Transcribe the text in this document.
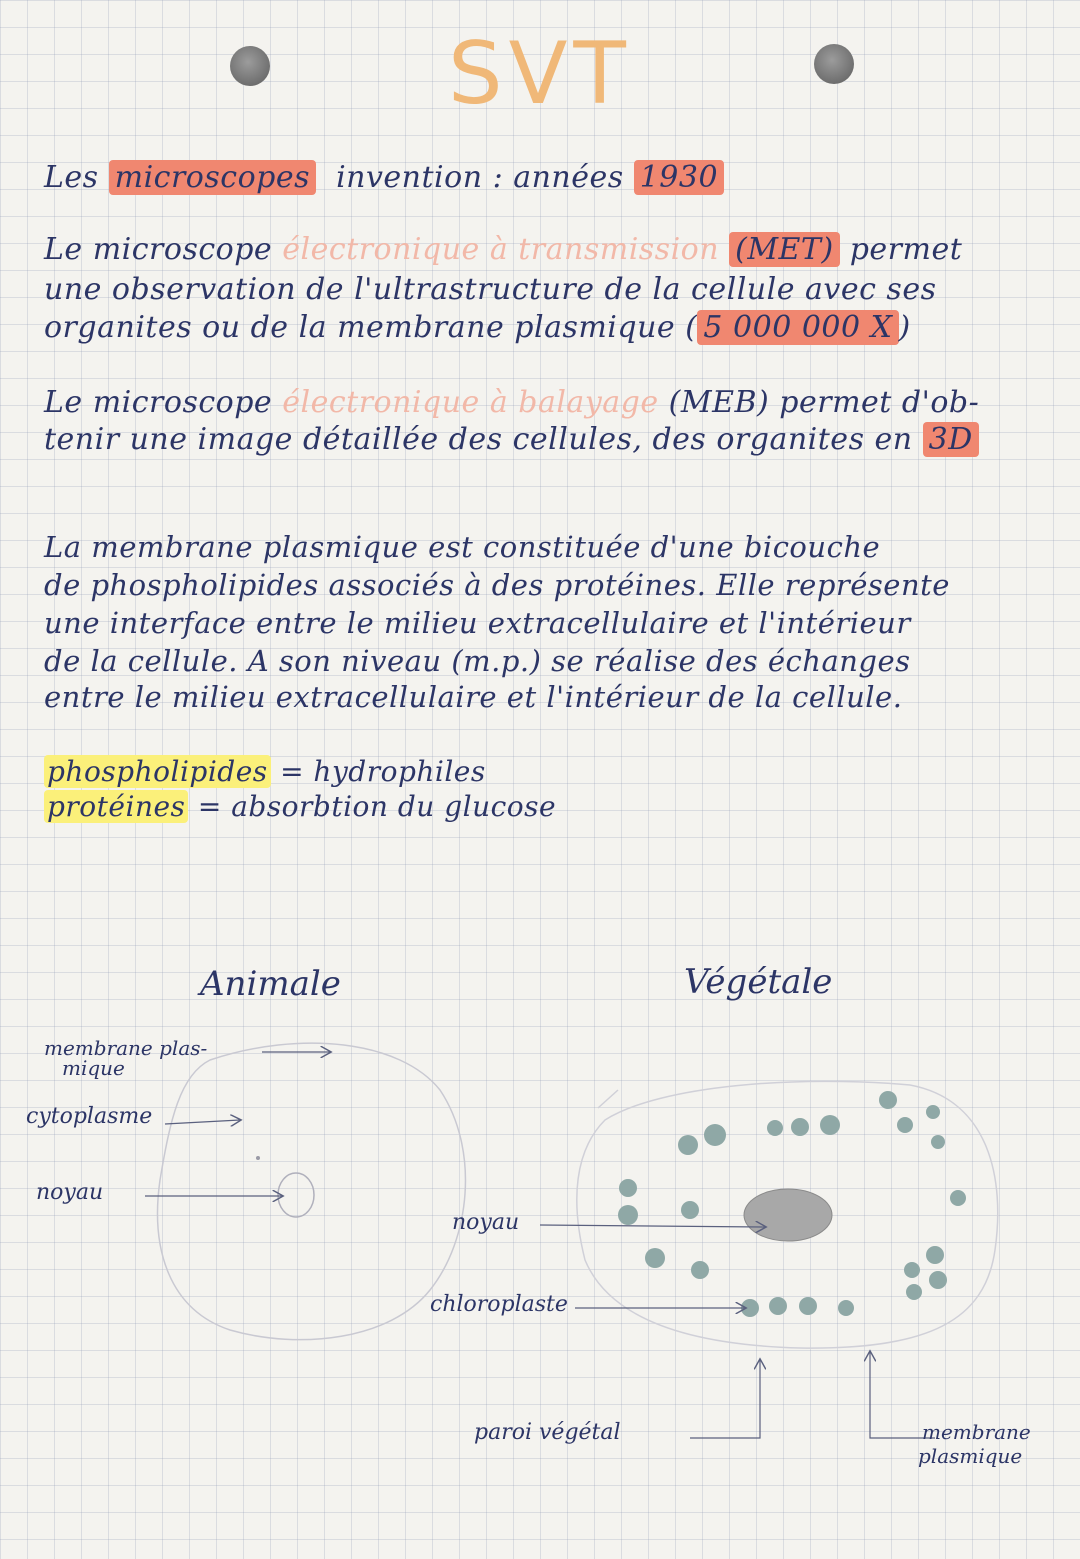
SVT
Les microscopes invention : années 1930
Le microscope électronique à transmission (MET) permet
une observation de l'ultrastructure de la cellule avec ses
organites ou de la membrane plasmique ( 5 000 000 X )
Le microscope électronique à balayage (MEB) permet d'ob-
tenir une image détaillée des cellules, des organites en 3D
La membrane plasmique est constituée d'une bicouche
de phospholipides associés à des protéines. Elle représente
une interface entre le milieu extracellulaire et l'intérieur
de la cellule. A son niveau (m.p.) se réalise des échanges
entre le milieu extracellulaire et l'intérieur de la cellule.
phospholipides = hydrophiles
protéines = absorbtion du glucose
Animale	Végétale
membrane plas-
mique
cytoplasme
noyau
noyau
chloroplaste
paroi végétal	membrane
plasmique
